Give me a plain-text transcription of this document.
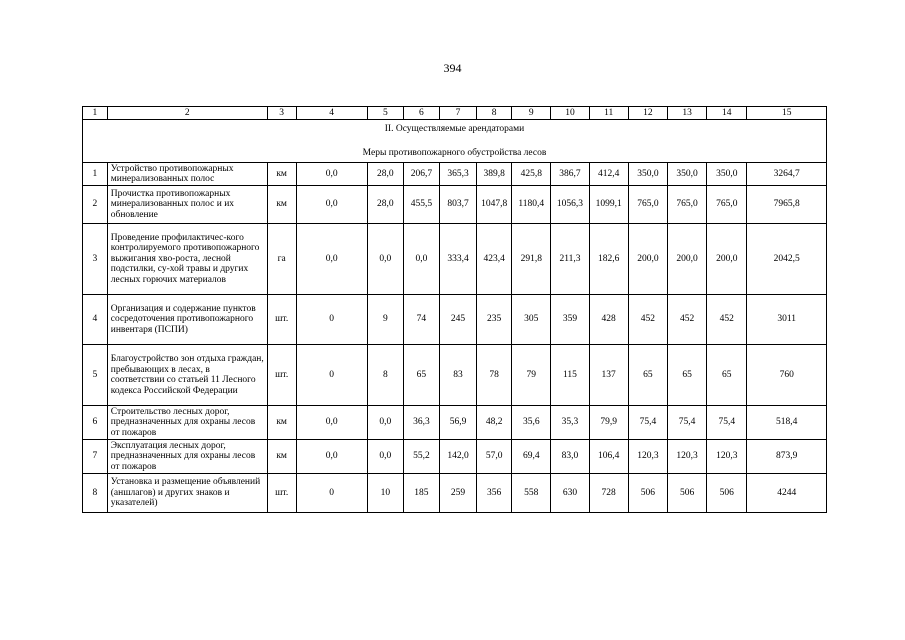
394
1	2	3	4	5	6	7	8	9	10	11	12	13	14	15

II. Осуществляемые арендаторами
Меры противопожарного обустройства лесов														

1	Устройство противопожарных минерализованных полос	км	0,0	28,0	206,7	365,3	389,8	425,8	386,7	412,4	350,0	350,0	350,0	3264,7
2	Прочистка противопожарных минерализованных полос и их обновление	км	0,0	28,0	455,5	803,7	1047,8	1180,4	1056,3	1099,1	765,0	765,0	765,0	7965,8
3	Проведение профилактичес-кого контролируемого противопожарного выжигания хво-роста, лесной подстилки, су-хой травы и других лесных горючих материалов	га	0,0	0,0	0,0	333,4	423,4	291,8	211,3	182,6	200,0	200,0	200,0	2042,5
4	Организация и содержание пунктов сосредоточения противопожарного инвентаря (ПСПИ)	шт.	0	9	74	245	235	305	359	428	452	452	452	3011
5	Благоустройство зон отдыха граждан, пребывающих в лесах, в соответствии со статьей 11 Лесного кодекса Российской Федерации	шт.	0	8	65	83	78	79	115	137	65	65	65	760
6	Строительство лесных дорог, предназначенных для охраны лесов от пожаров	км	0,0	0,0	36,3	56,9	48,2	35,6	35,3	79,9	75,4	75,4	75,4	518,4
7	Эксплуатация лесных дорог, предназначенных для охраны лесов от пожаров	км	0,0	0,0	55,2	142,0	57,0	69,4	83,0	106,4	120,3	120,3	120,3	873,9
8	Установка и размещение объявлений (аншлагов) и других знаков и указателей)	шт.	0	10	185	259	356	558	630	728	506	506	506	4244
